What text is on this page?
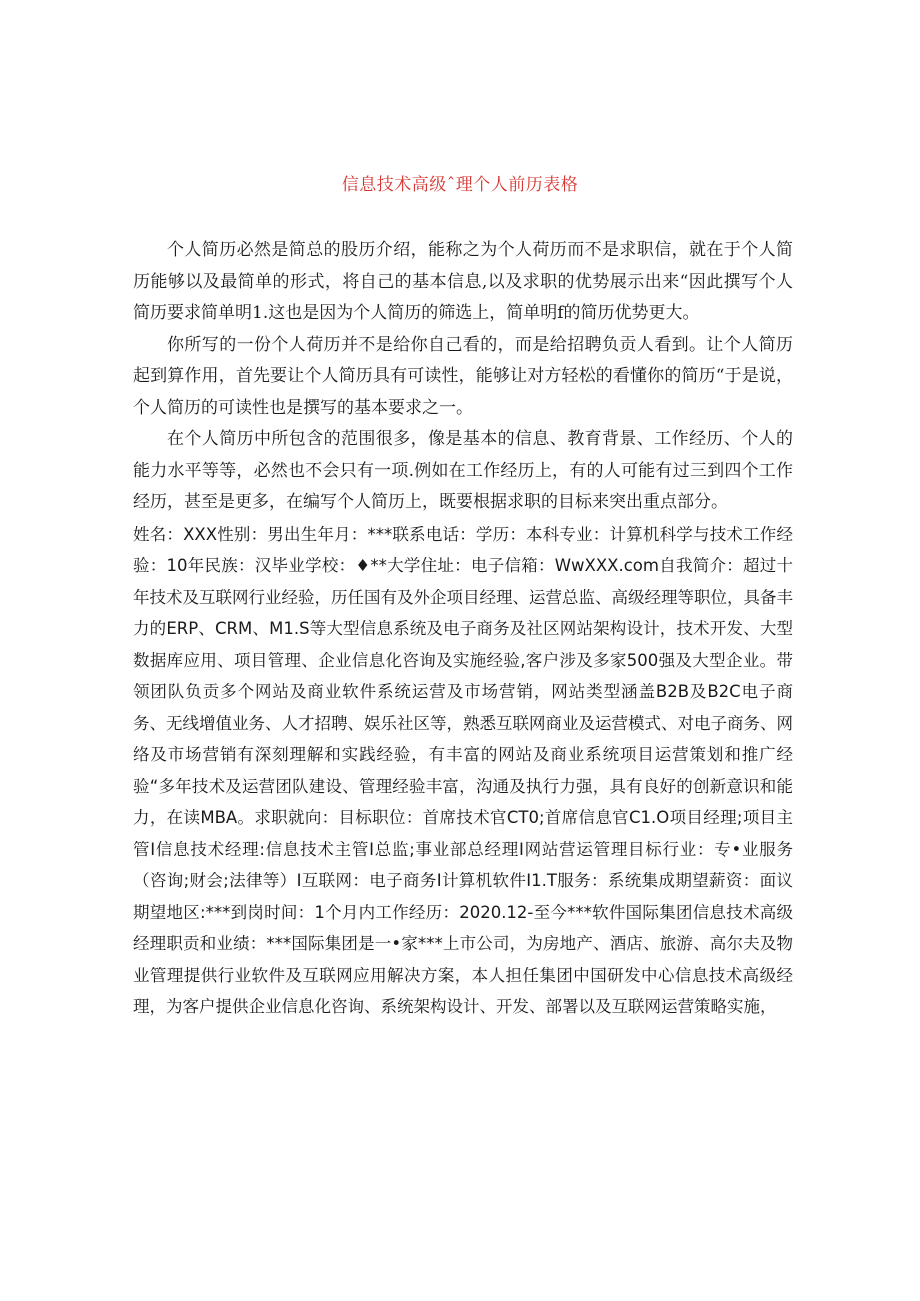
信息技术高级ˆ理个人前历表格

个人简历必然是简总的股历介绍，能称之为个人荷历而不是求职信，就在于个人简历能够以及最简单的形式，将自己的基本信息,以及求职的优势展示出来“因此撰写个人简历要求简单明1.这也是因为个人简历的筛选上，简单明f的简历优势更大。

你所写的一份个人荷历并不是给你自己看的，而是给招聘负贡人看到。让个人简历起到算作用，首先要让个人简历具有可读性，能够让对方轻松的看懂你的简历“于是说，个人简历的可读性也是撰写的基本要求之一。

在个人简历中所包含的范围很多，像是基本的信息、教育背景、工作经历、个人的能力水平等等，必然也不会只有一项.例如在工作经历上，有的人可能有过三到四个工作经历，甚至是更多，在编写个人简历上，既要根据求职的目标来突出重点部分。

姓名：XXX性别：男出生年月：***联系电话：学历：本科专业：计算机科学与技术工作经验：10年民族：汉毕业学校：♦**大学住址：电子信箱：WwXXX.com自我简介：超过十年技术及互联网行业经验，历任国有及外企项目经理、运营总监、高级经理等职位，具备丰力的ERP、CRM、M1.S等大型信息系统及电子商务及社区网站架构设计，技术开发、大型数据库应用、项目管理、企业信息化咨询及实施经验,客户涉及多家500强及大型企业。带领团队负贡多个网站及商业软件系统运营及市场营销，网站类型涵盖B2B及B2C电子商务、无线增值业务、人才招聘、娱乐社区等，熟悉互联网商业及运营模式、对电子商务、网络及市场营销有深刻理解和实践经验，有丰富的网站及商业系统项目运营策划和推广经验“多年技术及运营团队建设、管理经验丰富，沟通及执行力强，具有良好的创新意识和能力，在读MBA。求职就向：目标职位：首席技术官CT0;首席信息官C1.O项目经理;项目主管I信息技术经理:信息技术主管I总监;事业部总经理I网站营运管理目标行业：专•业服务（咨询;财会;法律等）I互联网：电子商务I计算机软件I1.T服务：系统集成期望薪资：面议期望地区:***到岗时间：1个月内工作经历：2020.12-至今***软件国际集团信息技术高级经理职贡和业绩：***国际集团是一•家***上市公司，为房地产、酒店、旅游、高尔夫及物业管理提供行业软件及互联网应用解决方案，本人担任集团中国研发中心信息技术高级经理，为客户提供企业信息化咨询、系统架构设计、开发、部署以及互联网运营策略实施，
